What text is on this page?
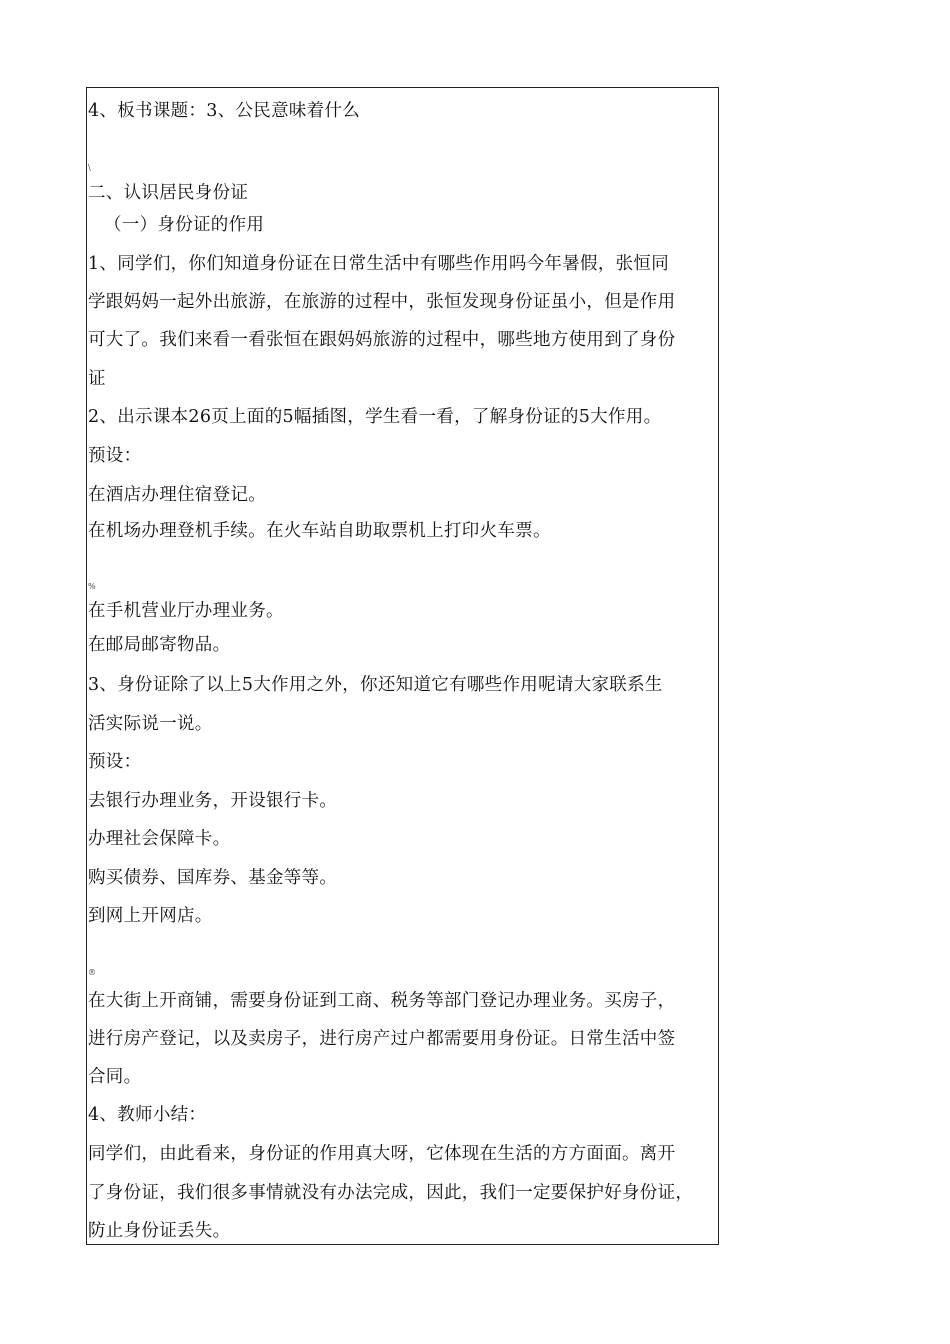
4、板书课题：3、公民意味着什么
\
二、认识居民身份证
（一）身份证的作用
1、同学们，你们知道身份证在日常生活中有哪些作用吗今年暑假，张恒同
学跟妈妈一起外出旅游，在旅游的过程中，张恒发现身份证虽小，但是作用
可大了。我们来看一看张恒在跟妈妈旅游的过程中，哪些地方使用到了身份
证
2、出示课本26页上面的5幅插图，学生看一看，了解身份证的5大作用。
预设：
在酒店办理住宿登记。
在机场办理登机手续。在火车站自助取票机上打印火车票。
%
在手机营业厅办理业务。
在邮局邮寄物品。
3、身份证除了以上5大作用之外，你还知道它有哪些作用呢请大家联系生
活实际说一说。
预设：
去银行办理业务，开设银行卡。
办理社会保障卡。
购买债券、国库券、基金等等。
到网上开网店。
®
在大街上开商铺，需要身份证到工商、税务等部门登记办理业务。买房子，
进行房产登记，以及卖房子，进行房产过户都需要用身份证。日常生活中签
合同。
4、教师小结：
同学们，由此看来，身份证的作用真大呀，它体现在生活的方方面面。离开
了身份证，我们很多事情就没有办法完成，因此，我们一定要保护好身份证，
防止身份证丢失。
